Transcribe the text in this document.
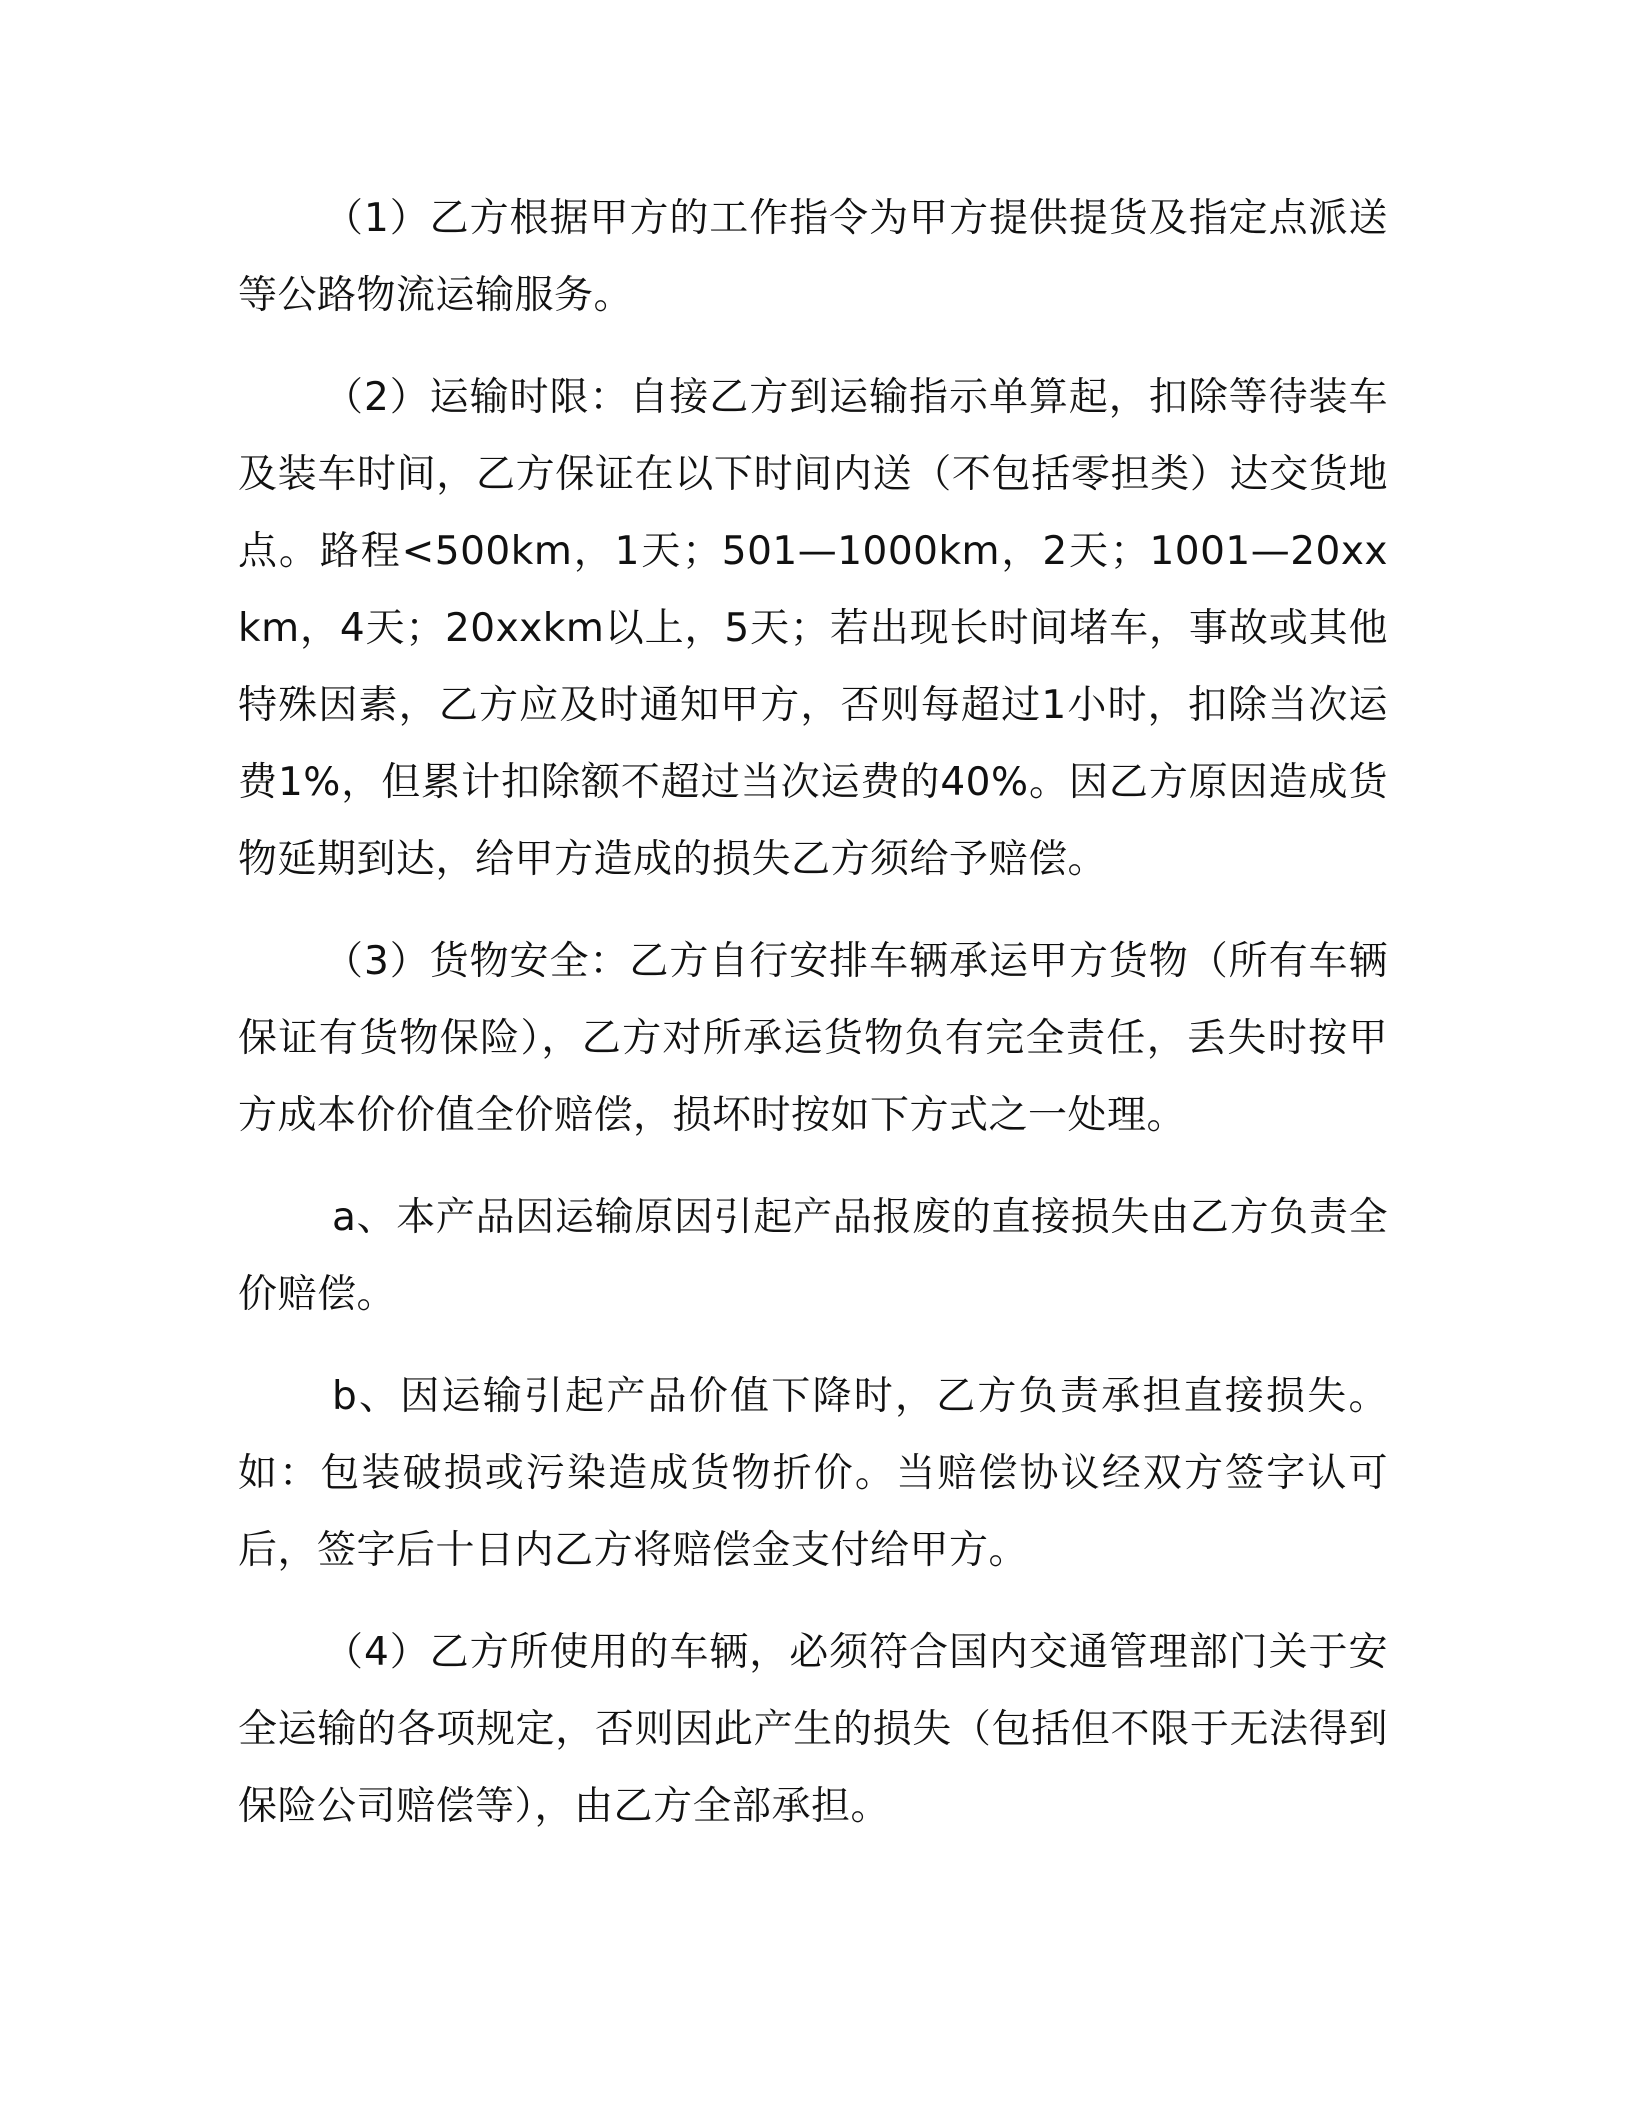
（1）乙方根据甲方的工作指令为甲方提供提货及指定点派送等公路物流运输服务。

（2）运输时限：自接乙方到运输指示单算起，扣除等待装车及装车时间，乙方保证在以下时间内送（不包括零担类）达交货地点。路程<500km，1天；501—1000km，2天；1001—20xxkm，4天；20xxkm以上，5天；若出现长时间堵车，事故或其他特殊因素，乙方应及时通知甲方，否则每超过1小时，扣除当次运费1%，但累计扣除额不超过当次运费的40%。因乙方原因造成货物延期到达，给甲方造成的损失乙方须给予赔偿。

（3）货物安全：乙方自行安排车辆承运甲方货物（所有车辆保证有货物保险），乙方对所承运货物负有完全责任，丢失时按甲方成本价价值全价赔偿，损坏时按如下方式之一处理。

a、本产品因运输原因引起产品报废的直接损失由乙方负责全价赔偿。

b、因运输引起产品价值下降时，乙方负责承担直接损失。如：包装破损或污染造成货物折价。当赔偿协议经双方签字认可后，签字后十日内乙方将赔偿金支付给甲方。

（4）乙方所使用的车辆，必须符合国内交通管理部门关于安全运输的各项规定，否则因此产生的损失（包括但不限于无法得到保险公司赔偿等），由乙方全部承担。
